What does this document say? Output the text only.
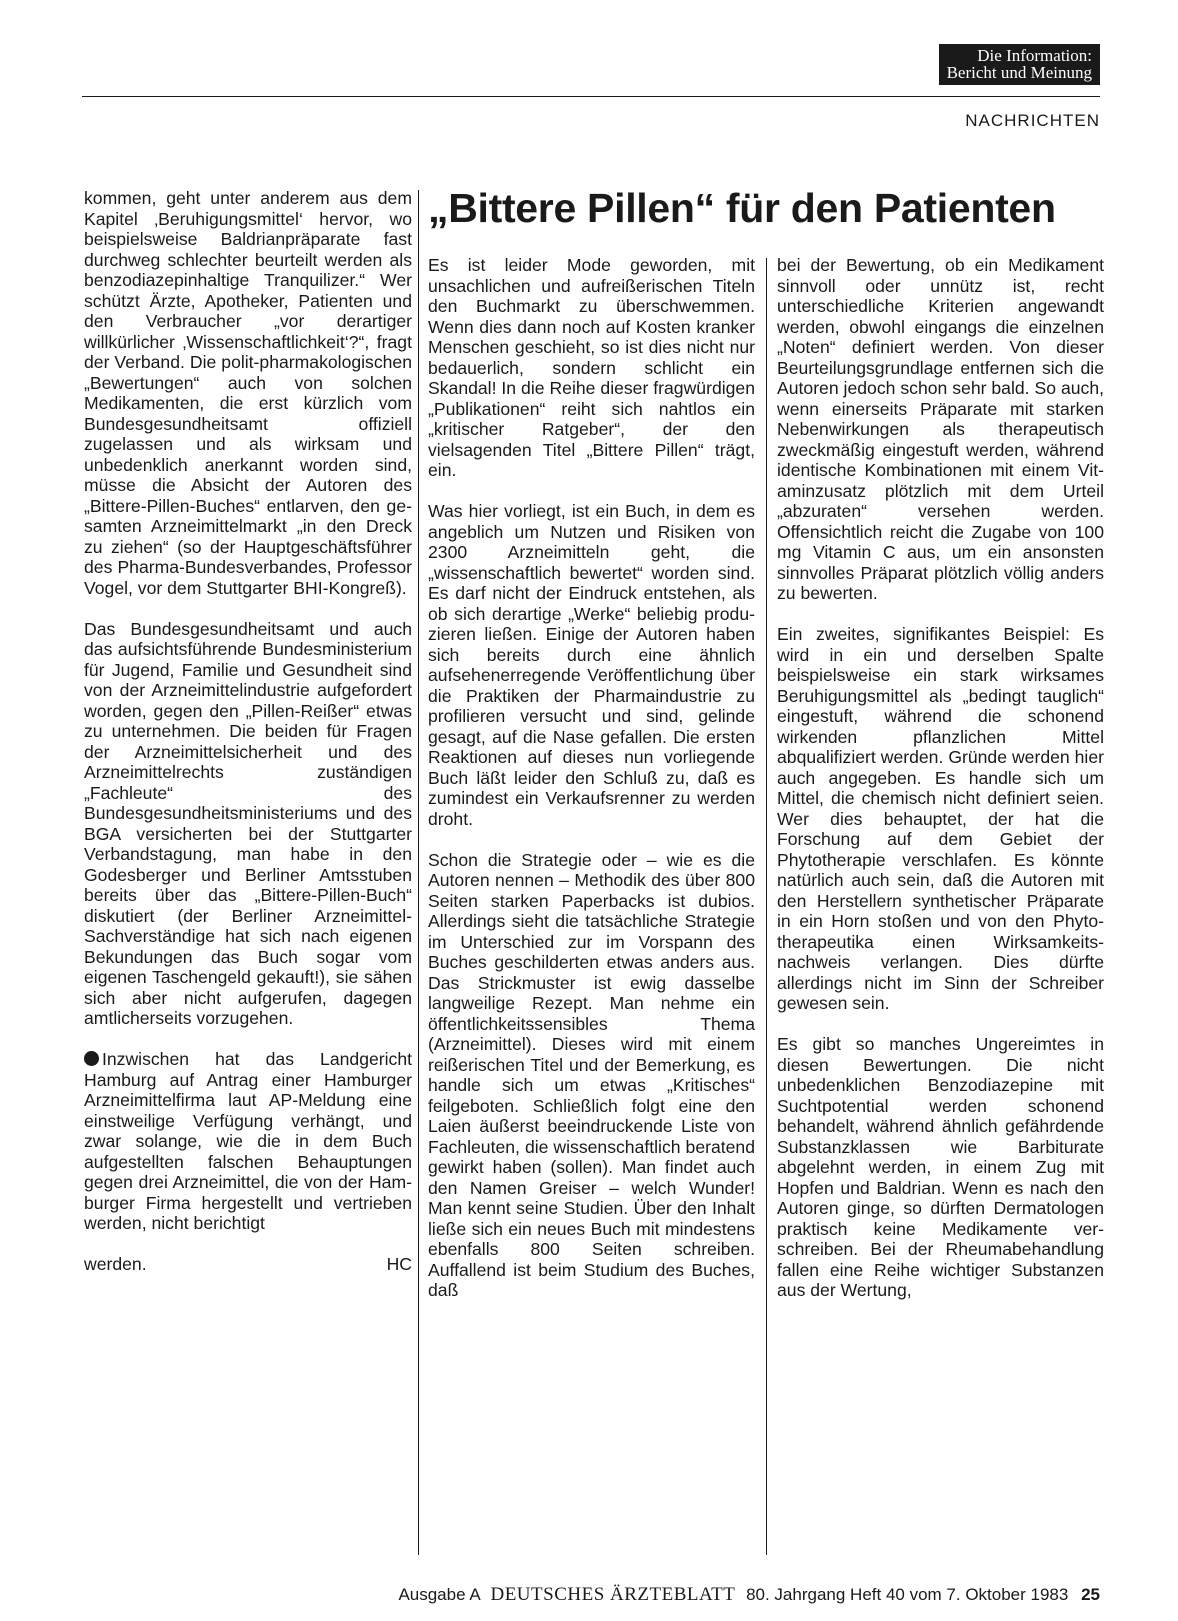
Die Information:
Bericht und Meinung
NACHRICHTEN
„Bittere Pillen“ für den Patienten

kommen, geht unter anderem aus dem Kapitel ‚Beruhigungsmittel‘ hervor, wo beispielsweise Baldrianpräparate fast durchweg schlechter beurteilt werden als benzodiazepinhaltige Tranquilizer.“ Wer schützt Ärzte, Apotheker, Patienten und den Verbraucher „vor derartiger willkürlicher ‚Wissenschaftlichkeit‘?“, fragt der Verband. Die polit-pharmakologischen „Bewertungen“ auch von solchen Medikamenten, die erst kürzlich vom Bundesgesundheitsamt offiziell zugelassen und als wirksam und unbedenklich anerkannt worden sind, müsse die Absicht der Autoren des „Bittere-Pillen-Buches“ entlarven, den gesamten Arzneimittelmarkt „in den Dreck zu ziehen“ (so der Hauptgeschäftsführer des Pharma-Bundesverbandes, Professor Vogel, vor dem Stuttgarter BHI-Kongreß).

Das Bundesgesundheitsamt und auch das aufsichtsführende Bundesministerium für Jugend, Familie und Gesundheit sind von der Arzneimittelindustrie aufgefordert worden, gegen den „Pillen-Reißer“ etwas zu unternehmen. Die beiden für Fragen der Arzneimittelsicherheit und des Arzneimittelrechts zuständigen „Fachleute“ des Bundesgesundheitsministeriums und des BGA versicherten bei der Stuttgarter Verbandstagung, man habe in den Godesberger und Berliner Amtsstuben bereits über das „Bittere-Pillen-Buch“ diskutiert (der Berliner Arzneimittel-Sachverständige hat sich nach eigenen Bekundungen das Buch sogar vom eigenen Taschengeld gekauft!), sie sähen sich aber nicht aufgerufen, dagegen amtlicherseits vorzugehen.

Inzwischen hat das Landgericht Hamburg auf Antrag einer Hamburger Arzneimittelfirma laut AP-Meldung eine einstweilige Verfügung verhängt, und zwar solange, wie die in dem Buch aufgestellten falschen Behauptungen gegen drei Arzneimittel, die von der Hamburger Firma hergestellt und vertrieben werden, nicht berichtigt

werden.	HC

Es ist leider Mode geworden, mit unsachlichen und aufreißerischen Titeln den Buchmarkt zu überschwemmen. Wenn dies dann noch auf Kosten kranker Menschen geschieht, so ist dies nicht nur bedauerlich, sondern schlicht ein Skandal! In die Reihe dieser fragwürdigen „Publikationen“ reiht sich nahtlos ein „kritischer Ratgeber“, der den vielsagenden Titel „Bittere Pillen“ trägt, ein.

Was hier vorliegt, ist ein Buch, in dem es angeblich um Nutzen und Risiken von 2300 Arzneimitteln geht, die „wissenschaftlich bewertet“ worden sind. Es darf nicht der Eindruck entstehen, als ob sich derartige „Werke“ beliebig produzieren ließen. Einige der Autoren haben sich bereits durch eine ähnlich aufsehenerregende Veröffentlichung über die Praktiken der Pharmaindustrie zu profilieren versucht und sind, gelinde gesagt, auf die Nase gefallen. Die ersten Reaktionen auf dieses nun vorliegende Buch läßt leider den Schluß zu, daß es zumindest ein Verkaufsrenner zu werden droht.

Schon die Strategie oder – wie es die Autoren nennen – Methodik des über 800 Seiten starken Paperbacks ist dubios. Allerdings sieht die tatsächliche Strategie im Unterschied zur im Vorspann des Buches geschilderten etwas anders aus. Das Strickmuster ist ewig dasselbe langweilige Rezept. Man nehme ein öffentlichkeitssensibles Thema (Arzneimittel). Dieses wird mit einem reißerischen Titel und der Bemerkung, es handle sich um etwas „Kritisches“ feilgeboten. Schließlich folgt eine den Laien äußerst beeindruckende Liste von Fachleuten, die wissenschaftlich beratend gewirkt haben (sollen). Man findet auch den Namen Greiser – welch Wunder! Man kennt seine Studien. Über den Inhalt ließe sich ein neues Buch mit mindestens ebenfalls 800 Seiten schreiben. Auffallend ist beim Studium des Buches, daß

bei der Bewertung, ob ein Medikament sinnvoll oder unnütz ist, recht unterschiedliche Kriterien angewandt werden, obwohl eingangs die einzelnen „Noten“ definiert werden. Von dieser Beurteilungsgrundlage entfernen sich die Autoren jedoch schon sehr bald. So auch, wenn einerseits Präparate mit starken Nebenwirkungen als therapeutisch zweckmäßig eingestuft werden, während identische Kombinationen mit einem Vitaminzusatz plötzlich mit dem Urteil „abzuraten“ versehen werden. Offensichtlich reicht die Zugabe von 100 mg Vitamin C aus, um ein ansonsten sinnvolles Präparat plötzlich völlig anders zu bewerten.

Ein zweites, signifikantes Beispiel: Es wird in ein und derselben Spalte beispielsweise ein stark wirksames Beruhigungsmittel als „bedingt tauglich“ eingestuft, während die schonend wirkenden pflanzlichen Mittel abqualifiziert werden. Gründe werden hier auch angegeben. Es handle sich um Mittel, die chemisch nicht definiert seien. Wer dies behauptet, der hat die Forschung auf dem Gebiet der Phytotherapie verschlafen. Es könnte natürlich auch sein, daß die Autoren mit den Herstellern synthetischer Präparate in ein Horn stoßen und von den Phytotherapeutika einen Wirksamkeitsnachweis verlangen. Dies dürfte allerdings nicht im Sinn der Schreiber gewesen sein.

Es gibt so manches Ungereimtes in diesen Bewertungen. Die nicht unbedenklichen Benzodiazepine mit Suchtpotential werden schonend behandelt, während ähnlich gefährdende Substanzklassen wie Barbiturate abgelehnt werden, in einem Zug mit Hopfen und Baldrian. Wenn es nach den Autoren ginge, so dürften Dermatologen praktisch keine Medikamente verschreiben. Bei der Rheumabehandlung fallen eine Reihe wichtiger Substanzen aus der Wertung,

Ausgabe A DEUTSCHES ÄRZTEBLATT 80. Jahrgang Heft 40 vom 7. Oktober 1983 25
